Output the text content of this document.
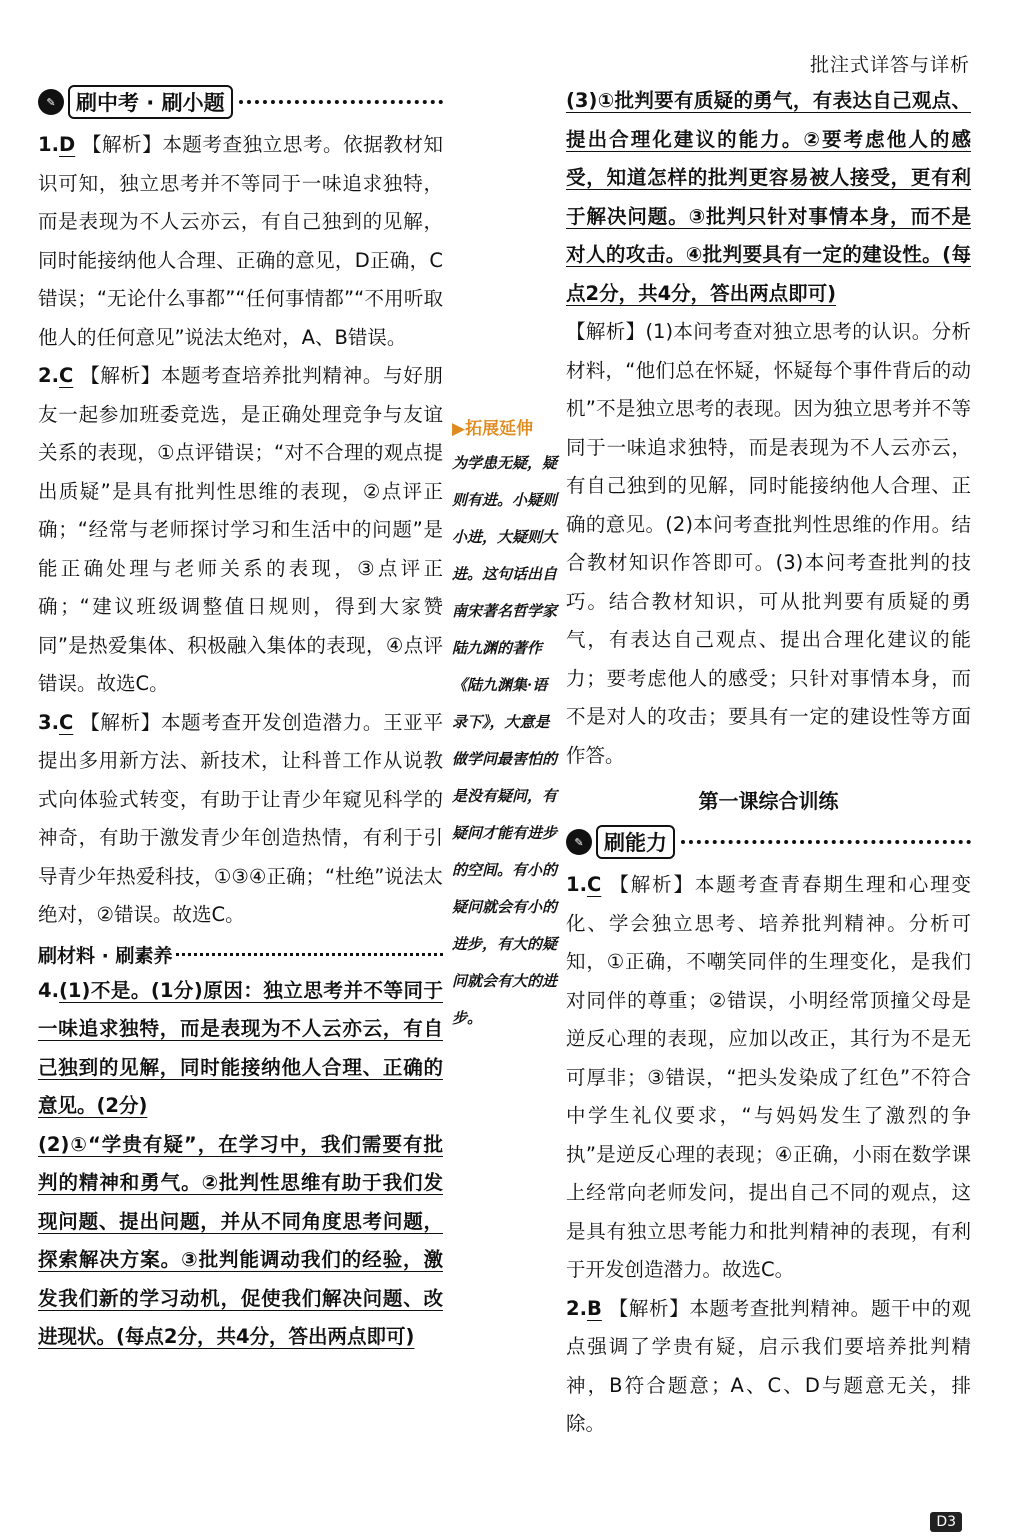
批注式详答与详析
✎ 刷中考 · 刷小题

1.D 【解析】本题考查独立思考。依据教材知识可知，独立思考并不等同于一味追求独特，而是表现为不人云亦云，有自己独到的见解，同时能接纳他人合理、正确的意见，D正确，C错误；“无论什么事都”“任何事情都”“不用听取他人的任何意见”说法太绝对，A、B错误。

2.C 【解析】本题考查培养批判精神。与好朋友一起参加班委竞选，是正确处理竞争与友谊关系的表现，①点评错误；“对不合理的观点提出质疑”是具有批判性思维的表现，②点评正确；“经常与老师探讨学习和生活中的问题”是能正确处理与老师关系的表现，③点评正确；“建议班级调整值日规则，得到大家赞同”是热爱集体、积极融入集体的表现，④点评错误。故选C。

3.C 【解析】本题考查开发创造潜力。王亚平提出多用新方法、新技术，让科普工作从说教式向体验式转变，有助于让青少年窥见科学的神奇，有助于激发青少年创造热情，有利于引导青少年热爱科技，①③④正确；“杜绝”说法太绝对，②错误。故选C。

刷材料 · 刷素养

4.(1)不是。(1分)原因：独立思考并不等同于一味追求独特，而是表现为不人云亦云，有自己独到的见解，同时能接纳他人合理、正确的意见。(2分)

(2)①“学贵有疑”，在学习中，我们需要有批判的精神和勇气。②批判性思维有助于我们发现问题、提出问题，并从不同角度思考问题，探索解决方案。③批判能调动我们的经验，激发我们新的学习动机，促使我们解决问题、改进现状。(每点2分，共4分，答出两点即可)

▶拓展延伸

为学患无疑，疑则有进。小疑则小进，大疑则大进。这句话出自南宋著名哲学家陆九渊的著作《陆九渊集·语录下》，大意是做学问最害怕的是没有疑问，有疑问才能有进步的空间。有小的疑问就会有小的进步，有大的疑问就会有大的进步。

(3)①批判要有质疑的勇气，有表达自己观点、提出合理化建议的能力。②要考虑他人的感受，知道怎样的批判更容易被人接受，更有利于解决问题。③批判只针对事情本身，而不是对人的攻击。④批判要具有一定的建设性。(每点2分，共4分，答出两点即可)

【解析】(1)本问考查对独立思考的认识。分析材料，“他们总在怀疑，怀疑每个事件背后的动机”不是独立思考的表现。因为独立思考并不等同于一味追求独特，而是表现为不人云亦云，有自己独到的见解，同时能接纳他人合理、正确的意见。(2)本问考查批判性思维的作用。结合教材知识作答即可。(3)本问考查批判的技巧。结合教材知识，可从批判要有质疑的勇气，有表达自己观点、提出合理化建议的能力；要考虑他人的感受；只针对事情本身，而不是对人的攻击；要具有一定的建设性等方面作答。

第一课综合训练
✎ 刷能力

1.C 【解析】本题考查青春期生理和心理变化、学会独立思考、培养批判精神。分析可知，①正确，不嘲笑同伴的生理变化，是我们对同伴的尊重；②错误，小明经常顶撞父母是逆反心理的表现，应加以改正，其行为不是无可厚非；③错误，“把头发染成了红色”不符合中学生礼仪要求，“与妈妈发生了激烈的争执”是逆反心理的表现；④正确，小雨在数学课上经常向老师发问，提出自己不同的观点，这是具有独立思考能力和批判精神的表现，有利于开发创造潜力。故选C。

2.B 【解析】本题考查批判精神。题干中的观点强调了学贵有疑，启示我们要培养批判精神，B符合题意；A、C、D与题意无关，排除。

D3
